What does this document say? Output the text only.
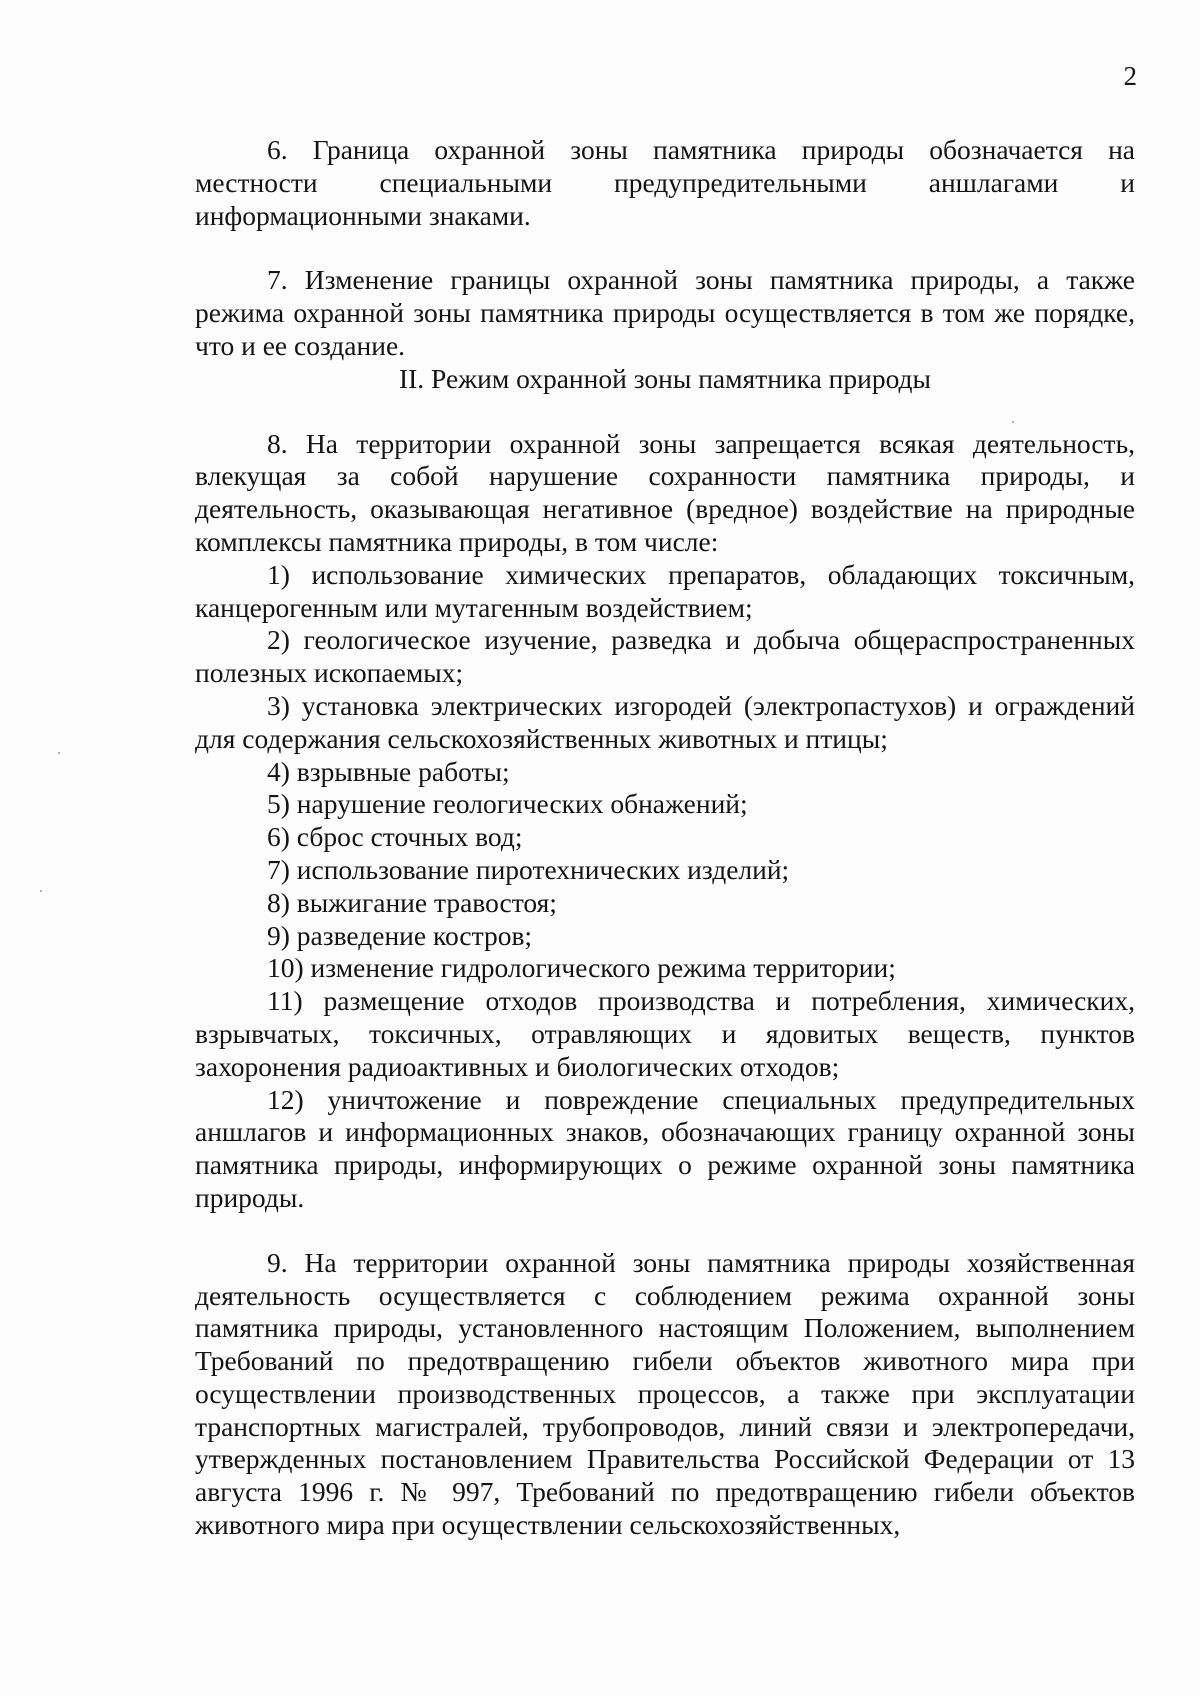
2

6. Граница охранной зоны памятника природы обозначается на местности специальными предупредительными аншлагами и информационными знаками.

7. Изменение границы охранной зоны памятника природы, а также режима охранной зоны памятника природы осуществляется в том же порядке, что и ее создание.

II. Режим охранной зоны памятника природы

8. На территории охранной зоны запрещается всякая деятельность, влекущая за собой нарушение сохранности памятника природы, и деятельность, оказывающая негативное (вредное) воздействие на природные комплексы памятника природы, в том числе:

1) использование химических препаратов, обладающих токсичным, канцерогенным или мутагенным воздействием;

2) геологическое изучение, разведка и добыча общераспространенных полезных ископаемых;

3) установка электрических изгородей (электропастухов) и ограждений для содержания сельскохозяйственных животных и птицы;

4) взрывные работы;

5) нарушение геологических обнажений;

6) сброс сточных вод;

7) использование пиротехнических изделий;

8) выжигание травостоя;

9) разведение костров;

10) изменение гидрологического режима территории;

11) размещение отходов производства и потребления, химических, взрывчатых, токсичных, отравляющих и ядовитых веществ, пунктов захоронения радиоактивных и биологических отходов;

12) уничтожение и повреждение специальных предупредительных аншлагов и информационных знаков, обозначающих границу охранной зоны памятника природы, информирующих о режиме охранной зоны памятника природы.

9. На территории охранной зоны памятника природы хозяйственная деятельность осуществляется с соблюдением режима охранной зоны памятника природы, установленного настоящим Положением, выполнением Требований по предотвращению гибели объектов животного мира при осуществлении производственных процессов, а также при эксплуатации транспортных магистралей, трубопроводов, линий связи и электропередачи, утвержденных постановлением Правительства Российской Федерации от 13 августа 1996 г. № 997, Требований по предотвращению гибели объектов животного мира при осуществлении сельскохозяйственных,
